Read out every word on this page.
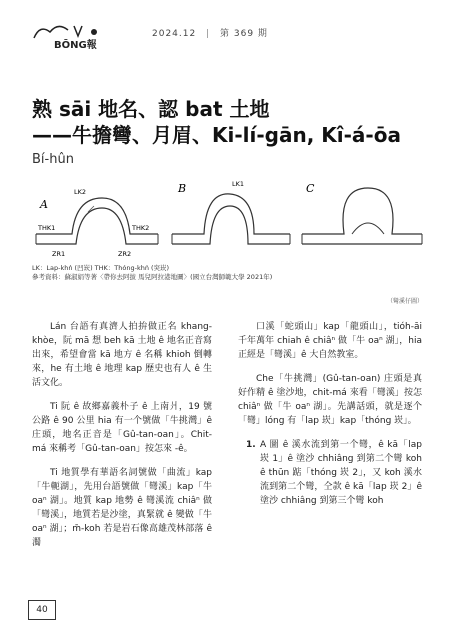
BŌNG報
2024.12 | 第 369 期
熟 sāi 地名、認 bat 土地
——牛擔彎、月眉、Ki-lí-gān, Kî-á-ōa
Bí-hûn
A
B	C
LK2
LK1
THK1	THK2
ZR1	ZR2
LK：Lap-khǹ (凹崁) THK：Thóng-khǹ (突崁)
參考資料：蘇淑娟等著〈帶你去阿拔 馬兒阿拉港地圖〉(國立台灣師範大學 2021年)
（彎溪仔圖）

Lán 台語有真濟人拍拚做正名 khang-khòe，阮 mā 想 beh kā 土地 ê 地名正音寫出來，希望會當 kā 地方 ê 名稱 khioh 倒轉來，he 有土地 ê 地理 kap 歷史也有人 ê 生活文化。

Ti 阮 ê 故鄉嘉義朴子 ê 上南爿，19 號公路 ê 90 公里 hia 有一个號做「牛挑灣」ê 庄頭，地名正音是「Gû-tan-oan」。Chit-má 來稱考「Gû-tan-oan」按怎來 -ê。

Ti 地質學有華語名詞號做「曲流」kap「牛軛湖」，先用台語號做「彎溪」kap「牛 oaⁿ 湖」。地質 kap 地勢 ê 彎溪流 chiâⁿ 做「彎溪」，地質若是沙塗，真緊就 ê 變做「牛 oaⁿ 湖」；m̄-koh 若是岩石像高雄茂林部落 ê 濁

口溪「蛇頭山」kap「龍頭山」，tióh-āi 千年萬年 chiah ê chiâⁿ 做「牛 oaⁿ 湖」，hia 正經是「彎溪」ê 大自然教室。

Che「牛挑灣」(Gû-tan-oan) 庄頭是真好作精 ê 塗沙地，chit-má 來看「彎溪」按怎 chiâⁿ 做「牛 oaⁿ 湖」。先講話頭，就是逐个「彎」lóng 有「lap 崁」kap「thóng 崁」。

1. A 圖 ê 溪水流到第一个彎，ê kā「lap 崁 1」ê 塗沙 chhiâng 到第二个彎 koh ê thūn 踮「thóng 崁 2」，又 koh 溪水流到第二个彎，仝款 ê kā「lap 崁 2」ê 塗沙 chhiâng 到第三个彎 koh
40
